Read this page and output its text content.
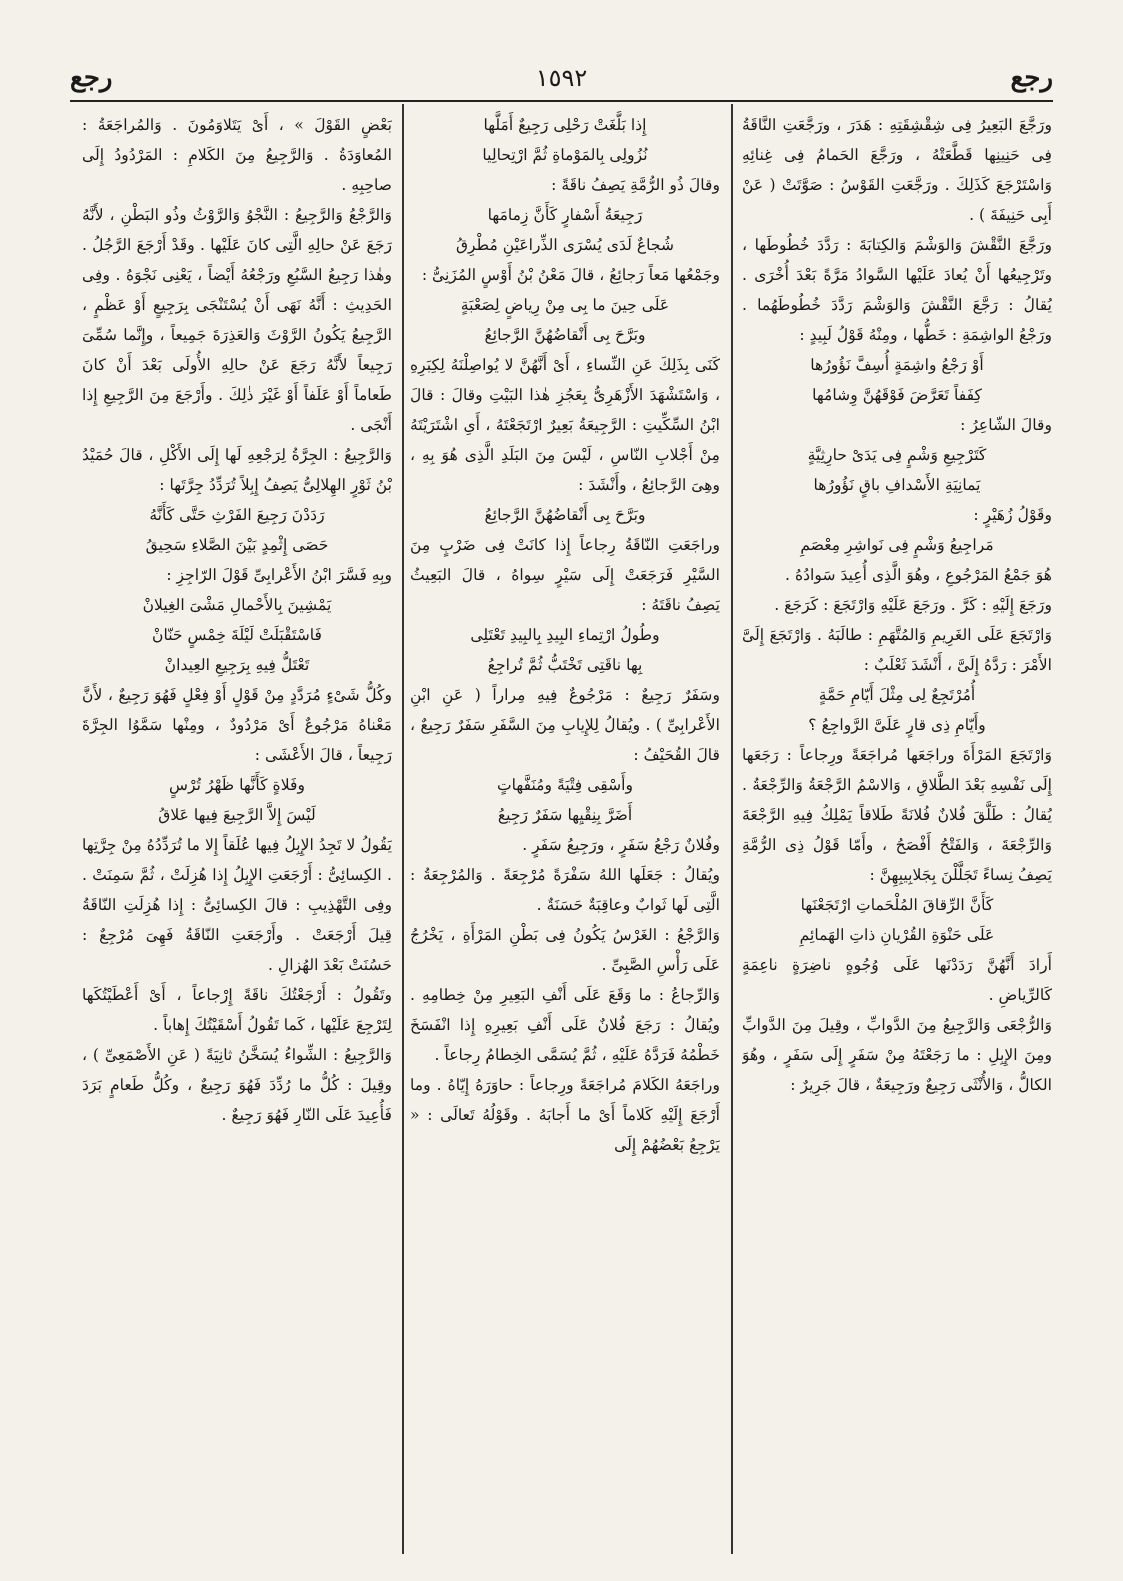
رجع	١٥٩٢	رجع

ورَجَّعَ البَعِيرُ فِى شِقْشِقَتِهِ : هَدَرَ ، ورَجَّعَتِ النَّاقَةُ فِى حَنِينِها قَطَّعَتْهُ ، ورَجَّعَ الحَمامُ فِى غِنائِهِ وَاسْتَرْجَعَ كَذَلِكَ . ورَجَّعَتِ القَوْسُ : صَوَّتَتْ ( عَنْ أَبِى حَنِيفَةَ ) .

ورَجَّعَ النَّقْشَ وَالوَشْمَ وَالكِتابَةَ : رَدَّدَ خُطُوطَها ، وتَرْجِيعُها أَنْ يُعادَ عَلَيْها السَّوادُ مَرَّةً بَعْدَ أُخْرَى . يُقالُ : رَجَّعَ النَّقْشَ وَالوَشْمَ رَدَّدَ خُطُوطَهُما . ورَجْعُ الواشِمَةِ : خَطُّها ، ومِنْهُ قَوْلُ لَبِيدٍ :

أَوْ رَجْعُ واشِمَةٍ أُسِفَّ نَؤُورُها

كِفَفاً تَعَرَّضَ فَوْقَهُنَّ وِشامُها

وقالَ الشّاعِرُ :

كَتَرْجِيعِ وَشْمٍ فِى يَدَىْ حارِثِيَّةٍ

يَمانِيَةِ الأَسْدافِ باقٍ نَؤُورُها

وقَوْلُ زُهَيْرٍ :

مَراجِيعُ وَشْمٍ فِى نَواشِرِ مِعْصَمِ

هُوَ جَمْعُ المَرْجُوعِ ، وهُوَ الَّذِى أُعِيدَ سَوادُهُ .

ورَجَعَ إِلَيْهِ : كَرَّ . ورَجَعَ عَلَيْهِ وَارْتَجَعَ : كَرَجَعَ .

وَارْتَجَعَ عَلَى الغَرِيمِ وَالمُتَّهَمِ : طالَبَهُ . وَارْتَجَعَ إِلَىَّ الأَمْرَ : رَدَّهُ إِلَىَّ ، أَنْشَدَ ثَعْلَبٌ :

أُمُرْتَجِعٌ لِى مِثْلَ أَيّامِ حَمَّةٍ

وأَيّامِ ذِى قارٍ عَلَىَّ الرَّواجِعُ ؟

وَارْتَجَعَ المَرْأَةَ وراجَعَها مُراجَعَةً ورِجاعاً : رَجَعَها إِلَى نَفْسِهِ بَعْدَ الطَّلاقِ ، وَالاسْمُ الرَّجْعَةُ وَالرِّجْعَةُ . يُقالُ : طَلَّقَ فُلانٌ فُلانَةً طَلاقاً يَمْلِكُ فِيهِ الرَّجْعَةَ وَالرِّجْعَةَ ، وَالفَتْحُ أَفْصَحُ ، وأَمّا قَوْلُ ذِى الرُّمَّةِ يَصِفُ نِساءً تَجَلَّلْنَ بِجَلابِيبِهِنَّ :

كَأَنَّ الرِّقاقَ المُلْحَماتِ ارْتَجَعْنَها

عَلَى حَنْوَةِ القُرْيانِ ذاتِ الهَمائِمِ

أَرادَ أَنَّهُنَّ رَدَدْنَها عَلَى وُجُوهٍ ناضِرَةٍ ناعِمَةٍ كَالرِّياضِ .

وَالرُّجْعَى وَالرَّجِيعُ مِنَ الدَّوابِّ ، وقِيلَ مِنَ الدَّوابِّ ومِنَ الإِبِلِ : ما رَجَعْتَهُ مِنْ سَفَرٍ إِلَى سَفَرٍ ، وهُوَ الكالُّ ، وَالأُنْثَى رَجِيعٌ ورَجِيعَةٌ ، قالَ جَرِيرٌ :

إِذا بَلَّغَتْ رَحْلِى رَجِيعٌ أَمَلَّها

نُزُولِى بِالمَوْماةِ ثُمَّ ارْتِحالِيا

وقالَ ذُو الرُّمَّةِ يَصِفُ ناقَةً :

رَجِيعَةُ أَسْفارٍ كَأَنَّ زِمامَها

شُجاعٌ لَدَى يُسْرَى الذِّراعَيْنِ مُطْرِقُ

وجَمْعُها مَعاً رَجائِعُ ، قالَ مَعْنُ بْنُ أَوْسٍ المُزَنِىُّ :

عَلَى حِينَ ما بِى مِنْ رِياضٍ لِصَعْبَةٍ

وبَرَّحَ بِى أَنْقاضُهُنَّ الرَّجائِعُ

كَنَى بِذَلِكَ عَنِ النِّساءِ ، أَىْ أَنَّهُنَّ لا يُواصِلْنَهُ لِكِبَرِهِ ، وَاسْتَشْهَدَ الأَزْهَرِىُّ بِعَجُزِ هٰذا البَيْتِ وقالَ : قالَ ابْنُ السِّكِّيتِ : الرَّجِيعَةُ بَعِيرٌ ارْتَجَعْتَهُ ، أَىِ اشْتَرَيْتَهُ مِنْ أَجْلابِ النّاسِ ، لَيْسَ مِنَ البَلَدِ الَّذِى هُوَ بِهِ ، وهِىَ الرَّجائِعُ ، وأَنْشَدَ :

وبَرَّحَ بِى أَنْقاضُهُنَّ الرَّجائِعُ

وراجَعَتِ النّاقَةُ رِجاعاً إِذا كانَتْ فِى ضَرْبٍ مِنَ السَّيْرِ فَرَجَعَتْ إِلَى سَيْرٍ سِواهُ ، قالَ البَعِيثُ يَصِفُ ناقَتَهُ :

وطُولُ ارْتِماءِ البِيدِ بِالبِيدِ تَعْتَلِى

بِها ناقَتِى تَخْتَبُّ ثُمَّ تُراجِعُ

وسَفَرٌ رَجِيعٌ : مَرْجُوعٌ فِيهِ مِراراً ( عَنِ ابْنِ الأَعْرابِىِّ ) . ويُقالُ لِلإِيابِ مِنَ السَّفَرِ سَفَرٌ رَجِيعٌ ، قالَ القُحَيْفُ :

وأَسْقِى فِتْيَةً ومُنَفَّهاتٍ

أَضَرَّ بِنِقْيِها سَفَرٌ رَجِيعُ

وفُلانٌ رَجْعُ سَفَرٍ ، ورَجِيعُ سَفَرٍ .

ويُقالُ : جَعَلَها اللهُ سَفْرَةً مُرْجِعَةً . وَالمُرْجِعَةُ : الَّتِى لَها ثَوابٌ وعاقِبَةٌ حَسَنَةٌ .

وَالرَّجْعُ : الغَرْسُ يَكُونُ فِى بَطْنِ المَرْأَةِ ، يَخْرُجُ عَلَى رَأْسِ الصَّبِىِّ .

وَالرِّجاعُ : ما وَقَعَ عَلَى أَنْفِ البَعِيرِ مِنْ خِطامِهِ . ويُقالُ : رَجَعَ فُلانٌ عَلَى أَنْفِ بَعِيرِهِ إِذا انْفَسَخَ خَطْمُهُ فَرَدَّهُ عَلَيْهِ ، ثُمَّ يُسَمَّى الخِطامُ رِجاعاً .

وراجَعَهُ الكَلامَ مُراجَعَةً ورِجاعاً : حاوَرَهُ إِيّاهُ . وما أَرْجَعَ إِلَيْهِ كَلاماً أَىْ ما أَجابَهُ . وقَوْلُهُ تَعالَى : « يَرْجِعُ بَعْضُهُمْ إِلَى

بَعْضٍ القَوْلَ » ، أَىْ يَتَلاوَمُونَ . وَالمُراجَعَةُ : المُعاوَدَةُ . وَالرَّجِيعُ مِنَ الكَلامِ : المَرْدُودُ إِلَى صاحِبِهِ .

وَالرَّجْعُ وَالرَّجِيعُ : النَّجْوُ وَالرَّوْثُ وذُو البَطْنِ ، لأَنَّهُ رَجَعَ عَنْ حالِهِ الَّتِى كانَ عَلَيْها . وقَدْ أَرْجَعَ الرَّجُلُ . وهٰذا رَجِيعُ السَّبُعِ ورَجْعُهُ أَيْضاً ، يَعْنِى نَجْوَهُ . وفِى الحَدِيثِ : أَنَّهُ نَهَى أَنْ يُسْتَنْجَى بِرَجِيعٍ أَوْ عَظْمٍ ، الرَّجِيعُ يَكُونُ الرَّوْثَ وَالعَذِرَةَ جَمِيعاً ، وإِنَّما سُمِّىَ رَجِيعاً لأَنَّهُ رَجَعَ عَنْ حالِهِ الأُولَى بَعْدَ أَنْ كانَ طَعاماً أَوْ عَلَفاً أَوْ غَيْرَ ذٰلِكَ . وأَرْجَعَ مِنَ الرَّجِيعِ إِذا أَنْجَى .

وَالرَّجِيعُ : الجِرَّةُ لِرَجْعِهِ لَها إِلَى الأَكْلِ ، قالَ حُمَيْدُ بْنُ ثَوْرٍ الهِلالِىُّ يَصِفُ إِبِلاً تُرَدِّدُ جِرَّتَها :

رَدَدْنَ رَجِيعَ الفَرْثِ حَتَّى كَأَنَّهُ

حَصَى إِثْمِدٍ بَيْنَ الصَّلاءِ سَحِيقُ

وبِهِ فَسَّرَ ابْنُ الأَعْرابِىِّ قَوْلَ الرّاجِزِ :

يَمْشِينَ بِالأَحْمالِ مَشْىَ الغِيلانْ

فَاسْتَقْبَلَتْ لَيْلَةَ خِمْسٍ حَنّانْ

تَعْتَلُّ فِيهِ بِرَجِيعِ العِيدانْ

وكُلُّ شَىْءٍ مُرَدَّدٍ مِنْ قَوْلٍ أَوْ فِعْلٍ فَهُوَ رَجِيعٌ ، لأَنَّ مَعْناهُ مَرْجُوعٌ أَىْ مَرْدُودٌ ، ومِنْها سَمَّوُا الجِرَّةَ رَجِيعاً ، قالَ الأَعْشَى :

وفَلاةٍ كَأَنَّها ظَهْرُ تُرْسٍ

لَيْسَ إِلاَّ الرَّجِيعَ فِيها عَلاقُ

يَقُولُ لا تَجِدُ الإِبِلُ فِيها عُلَقاً إِلا ما تُرَدِّدُهُ مِنْ جِرَّتِها . الكِسائِىُّ : أَرْجَعَتِ الإِبِلُ إِذا هُزِلَتْ ، ثُمَّ سَمِنَتْ . وفِى التَّهْذِيبِ : قالَ الكِسائِىُّ : إِذا هُزِلَتِ النّاقَةُ قِيلَ أَرْجَعَتْ . وأَرْجَعَتِ النّاقَةُ فَهِىَ مُرْجِعٌ : حَسُنَتْ بَعْدَ الهُزالِ .

وتَقُولُ : أَرْجَعْتُكَ ناقَةً إِرْجاعاً ، أَىْ أَعْطَيْتُكَها لِتَرْجِعَ عَلَيْها ، كَما تَقُولُ أَسْقَيْتُكَ إِهاباً .

وَالرَّجِيعُ : الشِّواءُ يُسَخَّنُ ثانِيَةً ( عَنِ الأَصْمَعِىِّ ) ، وقِيلَ : كُلُّ ما رُدِّدَ فَهُوَ رَجِيعٌ ، وكُلُّ طَعامٍ بَرَدَ فَأُعِيدَ عَلَى النّارِ فَهُوَ رَجِيعٌ .
